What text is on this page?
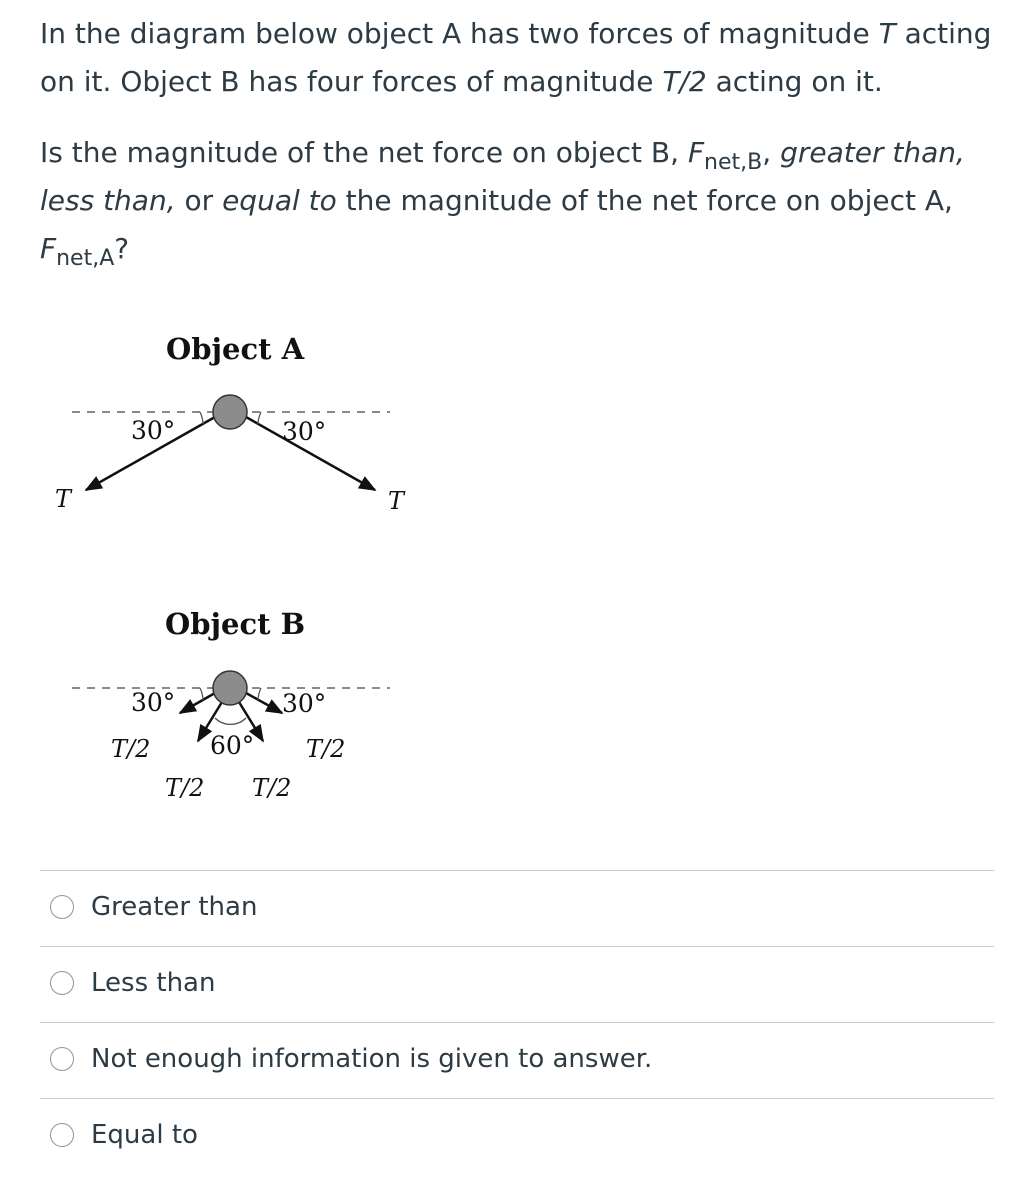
In the diagram below object A has two forces of magnitude T acting on it. Object B has four forces of magnitude T/2 acting on it.

Is the magnitude of the net force on object B, $F_{net,B}$, greater than, less than, or equal to the magnitude of the net force on object A, $F_{net,A}$?

Object A
30°	30°
T	T
Object B
30°	30°
60°
T/2	T/2
T/2 T/2
Greater than
Less than
Not enough information is given to answer.
Equal to
